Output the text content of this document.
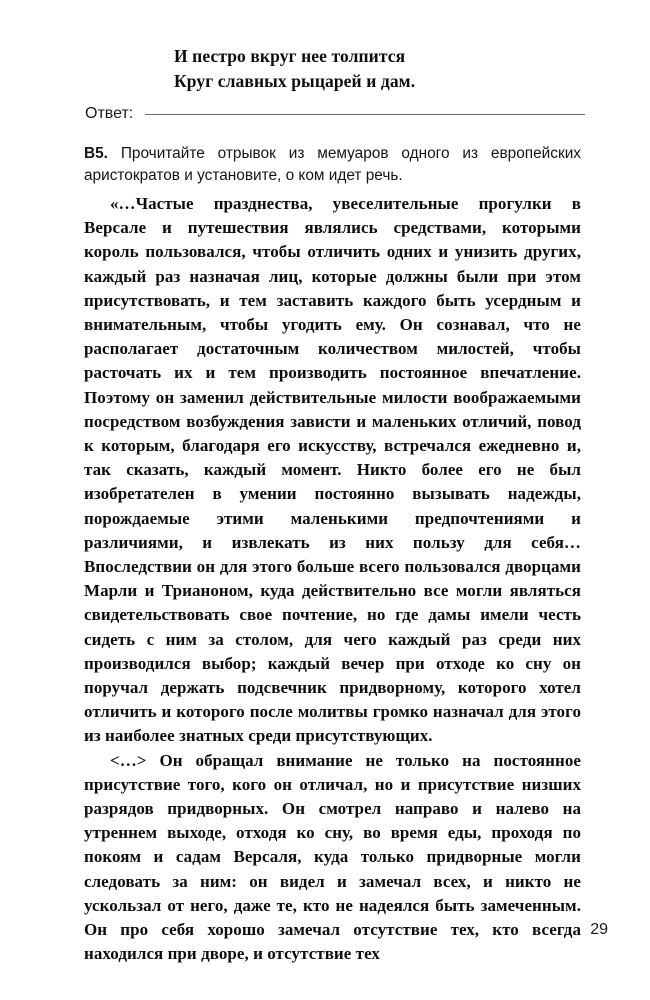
И пестро вкруг нее толпится
Круг славных рыцарей и дам.
Ответ:
B5. Прочитайте отрывок из мемуаров одного из европейских аристократов и установите, о ком идет речь.

«…Частые празднества, увеселительные прогулки в Версале и путешествия являлись средствами, которыми король пользовался, чтобы отличить одних и унизить других, каждый раз назначая лиц, которые должны были при этом присутствовать, и тем заставить каждого быть усердным и внимательным, чтобы угодить ему. Он сознавал, что не располагает достаточным количеством милостей, чтобы расточать их и тем производить постоянное впечатление. Поэтому он заменил действительные милости воображаемыми посредством возбуждения зависти и маленьких отличий, повод к которым, благодаря его искусству, встречался ежедневно и, так сказать, каждый момент. Никто более его не был изобретателен в умении постоянно вызывать надежды, порождаемые этими маленькими предпочтениями и различиями, и извлекать из них пользу для себя… Впоследствии он для этого больше всего пользовался дворцами Марли и Трианоном, куда действительно все могли являться свидетельствовать свое почтение, но где дамы имели честь сидеть с ним за столом, для чего каждый раз среди них производился выбор; каждый вечер при отходе ко сну он поручал держать подсвечник придворному, которого хотел отличить и которого после молитвы громко назначал для этого из наиболее знатных среди присутствующих.

<…> Он обращал внимание не только на постоянное присутствие того, кого он отличал, но и присутствие низших разрядов придворных. Он смотрел направо и налево на утреннем выходе, отходя ко сну, во время еды, проходя по покоям и садам Версаля, куда только придворные могли следовать за ним: он видел и замечал всех, и никто не ускользал от него, даже те, кто не надеялся быть замеченным. Он про себя хорошо замечал отсутствие тех, кто всегда находился при дворе, и отсутствие тех

29
